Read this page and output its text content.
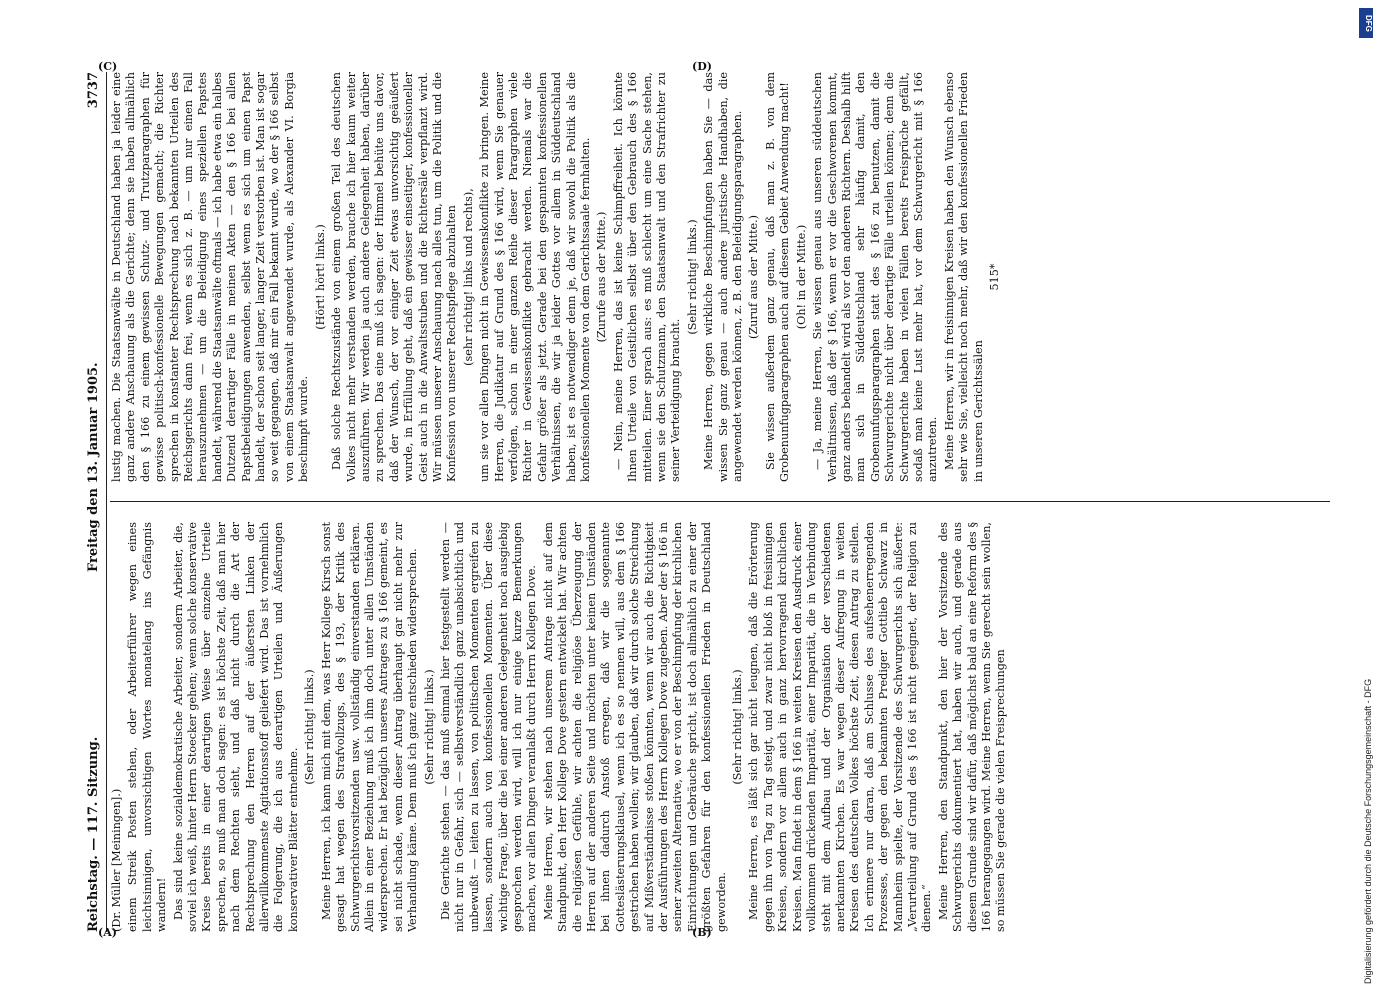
Reichstag. — 117. Sitzung.
Freitag den 13. Januar 1905.
3737

(Dr. Müller [Meiningen].) einem Streik Posten stehen, oder Arbeiterführer wegen eines leichtsinnigen, unvorsichtigen Wortes monatelang ins Gefängnis wandern! Das sind keine sozialdemokratische Arbeiter, sondern Arbeiter, die, soviel ich weiß, hinter Herrn Stoecker gehen; wenn solche konservative Kreise bereits in einer derartigen Weise über einzelne Urteile sprechen, so muß man doch sagen: es ist höchste Zeit, daß man hier nach dem Rechten sieht, und daß nicht durch die Art der Rechtsprechung den Herren auf der äußersten Linken der allerwillkommenste Agitationsstoff geliefert wird. Das ist vornehmlich die Folgerung, die ich aus derartigen Urteilen und Äußerungen konservativer Blätter entnehme.

(Sehr richtig! links.) Meine Herren, ich kann mich mit dem, was Herr Kollege Kirsch sonst gesagt hat wegen des Strafvollzugs, des § 193, der Kritik des Schwurgerichtsvorsitzenden usw. vollständig einverstanden erklären. Allein in einer Beziehung muß ich ihm doch unter allen Umständen widersprechen. Er hat bezüglich unseres Antrages zu § 166 gemeint, es sei nicht schade, wenn dieser Antrag überhaupt gar nicht mehr zur Verhandlung käme. Dem muß ich ganz entschieden widersprechen. (Sehr richtig! links.) Die Gerichte stehen — das muß einmal hier festgestellt werden — nicht nur in Gefahr, sich — selbstverständlich ganz unabsichtlich und unbewußt — leiten zu lassen, von politischen Momenten ergreifen zu lassen, sondern auch von konfessionellen Momenten. Über diese wichtige Frage, über die bei einer anderen Gelegenheit noch ausgiebig gesprochen werden wird, will ich nur einige kurze Bemerkungen machen, vor allen Dingen veranlaßt durch Herrn Kollegen Dove. Meine Herren, wir stehen nach unserem Antrage nicht auf dem Standpunkt, den Herr Kollege Dove gestern entwickelt hat. Wir achten die religiösen Gefühle, wir achten die religiöse Überzeugung der Herren auf der anderen Seite und möchten unter keinen Umständen bei ihnen dadurch Anstoß erregen, daß wir die sogenannte Gotteslästerungsklausel, wenn ich es so nennen will, aus dem § 166 gestrichen haben wollen; wir glauben, daß wir durch solche Streichung auf Mißverständnisse stoßen könnten, wenn wir auch die Richtigkeit der Ausführungen des Herrn Kollegen Dove zugeben. Aber der § 166 in seiner zweiten Alternative, wo er von der Beschimpfung der kirchlichen Einrichtungen und Gebräuche spricht, ist doch allmählich zu einer der größten Gefahren für den konfessionellen Frieden in Deutschland geworden.

(Sehr richtig! links.) Meine Herren, es läßt sich gar nicht leugnen, daß die Erörterung gegen ihn von Tag zu Tag steigt, und zwar nicht bloß in freisinnigen Kreisen, sondern vor allem auch in ganz hervorragend kirchlichen Kreisen. Man findet in dem § 166 in weiten Kreisen den Ausdruck einer vollkommen drückenden Imparität, einer Imparität, die in Verbindung steht mit dem Aufbau und der Organisation der verschiedenen anerkannten Kirchen. Es war wegen dieser Aufregung in weiten Kreisen des deutschen Volkes höchste Zeit, diesen Antrag zu stellen. Ich erinnere nur daran, daß am Schlusse des aufsehenerregenden Prozesses, der gegen den bekannten Prediger Gottlieb Schwarz in Mannheim spielte, der Vorsitzende des Schwurgerichts sich äußerte: „Verurteilung auf Grund des § 166 ist nicht geeignet, der Religion zu dienen.“ Meine Herren, den Standpunkt, den hier der Vorsitzende des Schwurgerichts dokumentiert hat, haben wir auch, und gerade aus diesem Grunde sind wir dafür, daß möglichst bald an eine Reform des § 166 herangegangen wird. Meine Herren, wenn Sie gerecht sein wollen, so müssen Sie gerade die vielen Freisprechungen

lustig machen. Die Staatsanwälte in Deutschland haben ja leider eine ganz andere Anschauung als die Gerichte; denn sie haben allmählich den § 166 zu einem gewissen Schutz- und Trutzparagraphen für gewisse politisch-konfessionelle Bewegungen gemacht; die Richter sprechen in konstanter Rechtsprechung nach bekannten Urteilen des Reichsgerichts dann frei, wenn es sich z. B. — um nur einen Fall herauszunehmen — um die Beleidigung eines speziellen Papstes handelt, während die Staatsanwälte oftmals — ich habe etwa ein halbes Dutzend derartiger Fälle in meinen Akten — den § 166 bei allen Papstbeleidigungen anwenden, selbst wenn es sich um einen Papst handelt, der schon seit langer, langer Zeit verstorben ist. Man ist sogar so weit gegangen, daß mir ein Fall bekannt wurde, wo der § 166 selbst von einem Staatsanwalt angewendet wurde, als Alexander VI. Borgia beschimpft wurde.

(Hört! hört! links.) Daß solche Rechtszustände von einem großen Teil des deutschen Volkes nicht mehr verstanden werden, brauche ich hier kaum weiter auszuführen. Wir werden ja auch andere Gelegenheit haben, darüber zu sprechen. Das eine muß ich sagen: der Himmel behüte uns davor, daß der Wunsch, der vor einiger Zeit etwas unvorsichtig geäußert wurde, in Erfüllung geht, daß ein gewisser einseitiger, konfessioneller Geist auch in die Anwaltsstuben und die Richtersäle verpflanzt wird. Wir müssen unserer Anschauung nach alles tun, um die Politik und die Konfession von unserer Rechtspflege abzuhalten (sehr richtig! links und rechts), um sie vor allen Dingen nicht in Gewissenskonflikte zu bringen. Meine Herren, die Judikatur auf Grund des § 166 wird, wenn Sie genauer verfolgen, schon in einer ganzen Reihe dieser Paragraphen viele Richter in Gewissenskonflikte gebracht werden. Niemals war die Gefahr größer als jetzt. Gerade bei den gespannten konfessionellen Verhältnissen, die wir ja leider Gottes vor allem in Süddeutschland haben, ist es notwendiger denn je, daß wir sowohl die Politik als die konfessionellen Momente von dem Gerichtssaale fernhalten. (Zurufe aus der Mitte.) — Nein, meine Herren, das ist keine Schimpffreiheit. Ich könnte Ihnen Urteile von Geistlichen selbst über den Gebrauch des § 166 mitteilen. Einer sprach aus: es muß schlecht um eine Sache stehen, wenn sie den Schutzmann, den Staatsanwalt und den Strafrichter zu seiner Verteidigung braucht.

(Sehr richtig! links.) Meine Herren, gegen wirkliche Beschimpfungen haben Sie — das wissen Sie ganz genau — auch andere juristische Handhaben, die angewendet werden können, z. B. den Beleidigungsparagraphen. (Zuruf aus der Mitte.) Sie wissen außerdem ganz genau, daß man z. B. von dem Grobenunfugparagraphen auch auf diesem Gebiet Anwendung macht! (Oh! in der Mitte.) — Ja, meine Herren, Sie wissen genau aus unseren süddeutschen Verhältnissen, daß der § 166, wenn er vor die Geschworenen kommt, ganz anders behandelt wird als vor den anderen Richtern. Deshalb hilft man sich in Süddeutschland sehr häufig damit, den Grobenunfugsparagraphen statt des § 166 zu benutzen, damit die Schwurgerichte nicht über derartige Fälle urteilen können; denn die Schwurgerichte haben in vielen Fällen bereits Freisprüche gefällt, sodaß man keine Lust mehr hat, vor dem Schwurgericht mit § 166 anzutreten. Meine Herren, wir in freisinnigen Kreisen haben den Wunsch ebenso sehr wie Sie, vielleicht noch mehr, daß wir den konfessionellen Frieden in unseren Gerichtssälen

515*

(A)	(B)
(C)	(D)
Digitalisierung gefördert durch die Deutsche Forschungsgemeinschaft - DFG
DFG
